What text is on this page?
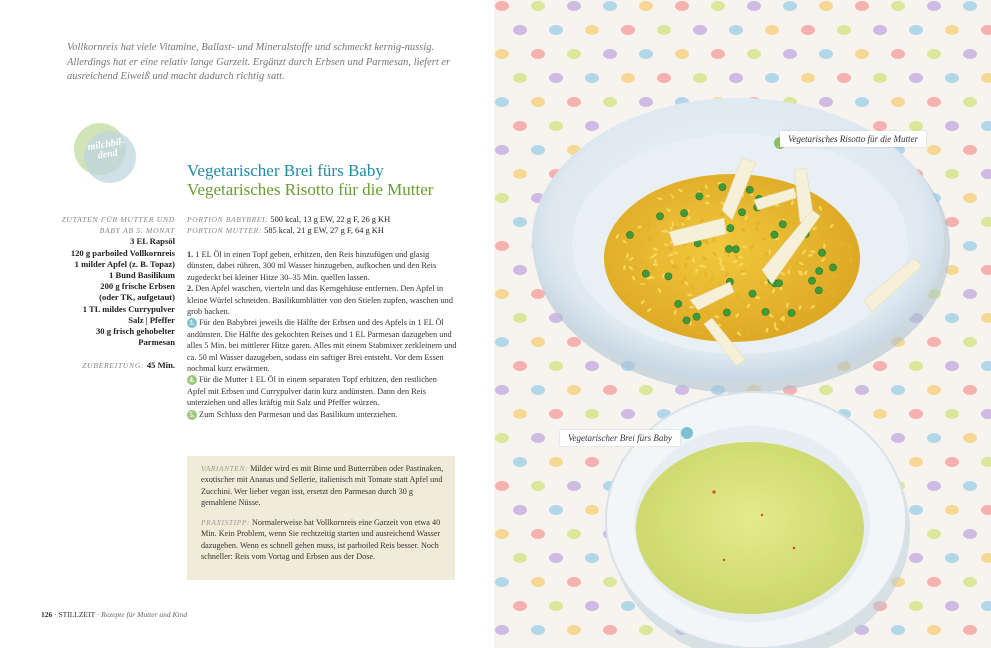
Vollkornreis hat viele Vitamine, Ballast- und Mineralstoffe und schmeckt kernig-nussig. Allerdings hat er eine relativ lange Garzeit. Ergänzt durch Erbsen und Parmesan, liefert er ausreichend Eiweiß und macht dadurch richtig satt.

milchbil-dend
Vegetarischer Brei fürs Baby
Vegetarisches Risotto für die Mutter
ZUTATEN FÜR MUTTER UND BABY AB 5. MONAT
3 EL Rapsöl
120 g parboiled Vollkornreis
1 milder Apfel (z. B. Topaz)
1 Bund Basilikum
200 g frische Erbsen
(oder TK, aufgetaut)
1 TL mildes Currypulver
Salz | Pfeffer
30 g frisch gehobelter
Parmesan
ZUBEREITUNG: 45 Min.
PORTION BABYBREI: 500 kcal, 13 g EW, 22 g F, 26 g KH
PORTION MUTTER: 585 kcal, 21 g EW, 27 g F, 64 g KH

1. 1 EL Öl in einen Topf geben, erhitzen, den Reis hinzufügen und glasig dünsten, dabei rühren. 300 ml Wasser hinzugeben, aufkochen und den Reis zugedeckt bei kleiner Hitze 30–35 Min. quellen lassen.

2. Den Apfel waschen, vierteln und das Kerngehäuse entfernen. Den Apfel in kleine Würfel schneiden. Basilikumblätter von den Stielen zupfen, waschen und grob hacken.

3. Für den Babybrei jeweils die Hälfte der Erbsen und des Apfels in 1 EL Öl andünsten. Die Hälfte des gekochten Reises und 1 EL Parmesan dazugeben und alles 5 Min. bei mittlerer Hitze garen. Alles mit einem Stabmixer zerkleinern und ca. 50 ml Wasser dazugeben, sodass ein saftiger Brei entsteht. Vor dem Essen nochmal kurz erwärmen.

4. Für die Mutter 1 EL Öl in einem separaten Topf erhitzen, den restlichen Apfel mit Erbsen und Currypulver darin kurz andünsten. Dann den Reis unterziehen und alles kräftig mit Salz und Pfeffer würzen.

5. Zum Schluss den Parmesan und das Basilikum unterziehen.

VARIANTEN: Milder wird es mit Birne und Butterrüben oder Pastinaken, exotischer mit Ananas und Sellerie, italienisch mit Tomate statt Apfel und Zucchini. Wer lieber vegan isst, ersetzt den Parmesan durch 30 g gemahlene Nüsse.
PRAXISTIPP: Normalerweise hat Vollkornreis eine Garzeit von etwa 40 Min. Kein Problem, wenn Sie rechtzeitig starten und ausreichend Wasser dazugeben. Wenn es schnell gehen muss, ist parboiled Reis besser. Noch schneller: Reis vom Vortag und Erbsen aus der Dose.
126 · STILLZEIT · Rezepte für Mutter und Kind
Vegetarisches Risotto für die Mutter
Vegetarischer Brei fürs Baby
